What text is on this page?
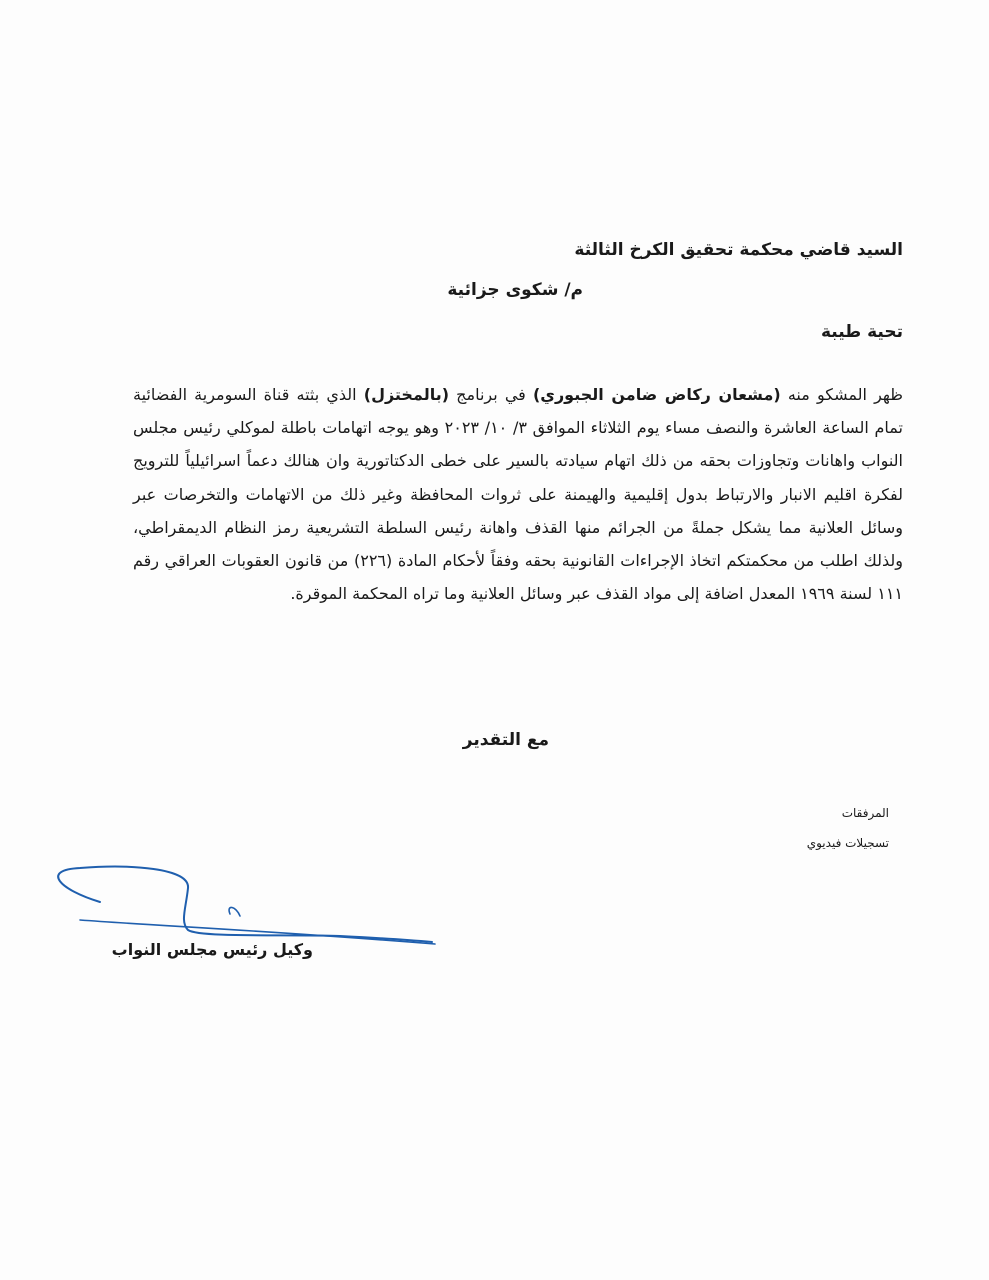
السيد قاضي محكمة تحقيق الكرخ الثالثة
م/ شكوى جزائية
تحية طيبة
ظهر المشكو منه (مشعان ركاض ضامن الجبوري) في برنامج (بالمختزل) الذي بثته قناة السومرية الفضائية تمام الساعة العاشرة والنصف مساء يوم الثلاثاء الموافق ٣/ ١٠/ ٢٠٢٣ وهو يوجه اتهامات باطلة لموكلي رئيس مجلس النواب واهانات وتجاوزات بحقه من ذلك اتهام سيادته بالسير على خطى الدكتاتورية وان هنالك دعماً اسرائيلياً للترويج لفكرة اقليم الانبار والارتباط بدول إقليمية والهيمنة على ثروات المحافظة وغير ذلك من الاتهامات والتخرصات عبر وسائل العلانية مما يشكل جملةً من الجرائم منها القذف واهانة رئيس السلطة التشريعية رمز النظام الديمقراطي، ولذلك اطلب من محكمتكم اتخاذ الإجراءات القانونية بحقه وفقاً لأحكام المادة (٢٢٦) من قانون العقوبات العراقي رقم ١١١ لسنة ١٩٦٩ المعدل اضافة إلى مواد القذف عبر وسائل العلانية وما تراه المحكمة الموقرة.
مع التقدير
المرفقات
تسجيلات فيديوي
وكيل رئيس مجلس النواب
